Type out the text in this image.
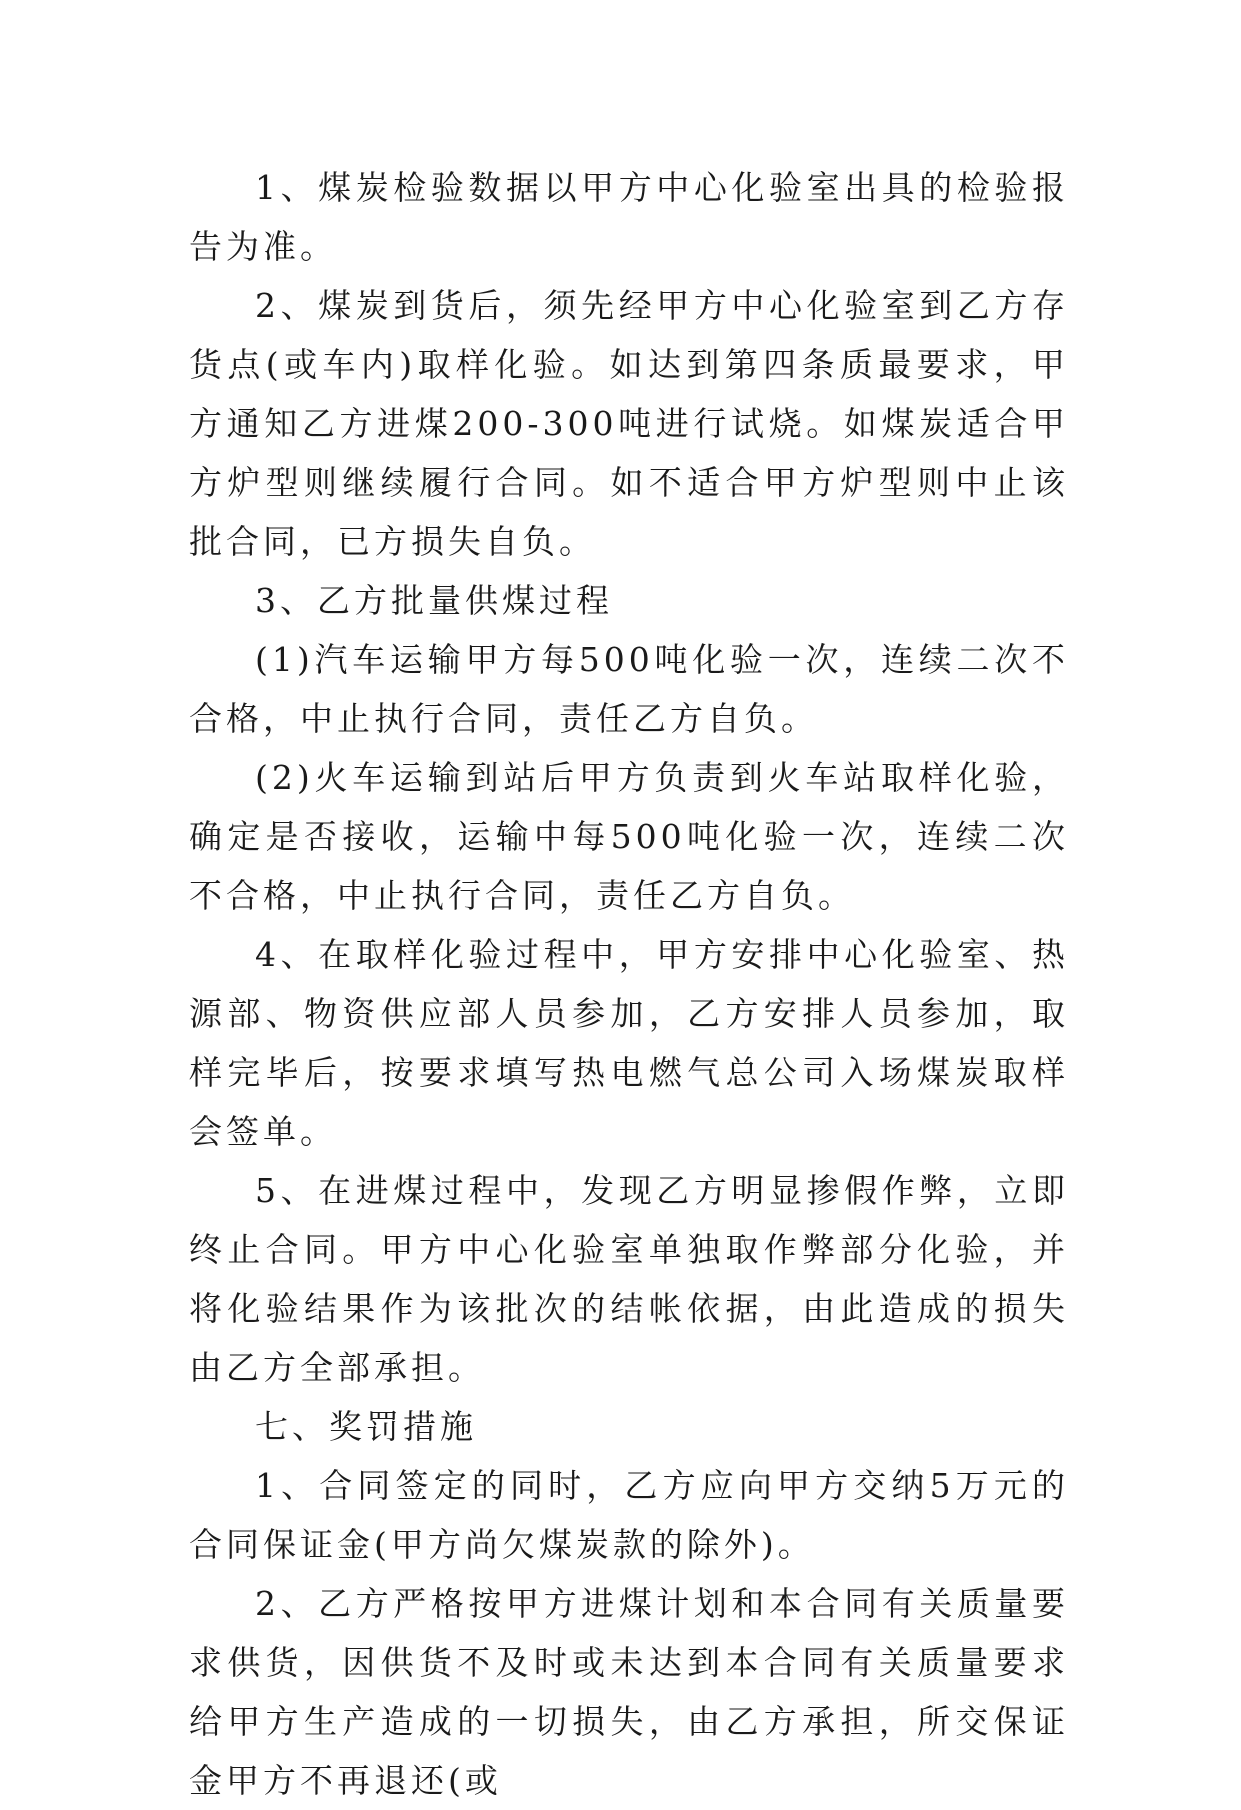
1、煤炭检验数据以甲方中心化验室出具的检验报告为准。

2、煤炭到货后，须先经甲方中心化验室到乙方存货点(或车内)取样化验。如达到第四条质最要求，甲方通知乙方进煤200-300吨进行试烧。如煤炭适合甲方炉型则继续履行合同。如不适合甲方炉型则中止该批合同，已方损失自负。

3、乙方批量供煤过程

(1)汽车运输甲方每500吨化验一次，连续二次不合格，中止执行合同，责任乙方自负。

(2)火车运输到站后甲方负责到火车站取样化验，确定是否接收，运输中每500吨化验一次，连续二次不合格，中止执行合同，责任乙方自负。

4、在取样化验过程中，甲方安排中心化验室、热源部、物资供应部人员参加，乙方安排人员参加，取样完毕后，按要求填写热电燃气总公司入场煤炭取样会签单。

5、在进煤过程中，发现乙方明显掺假作弊，立即终止合同。甲方中心化验室单独取作弊部分化验，并将化验结果作为该批次的结帐依据，由此造成的损失由乙方全部承担。

七、奖罚措施

1、合同签定的同时，乙方应向甲方交纳5万元的合同保证金(甲方尚欠煤炭款的除外)。

2、乙方严格按甲方进煤计划和本合同有关质量要求供货，因供货不及时或未达到本合同有关质量要求给甲方生产造成的一切损失，由乙方承担，所交保证金甲方不再退还(或
